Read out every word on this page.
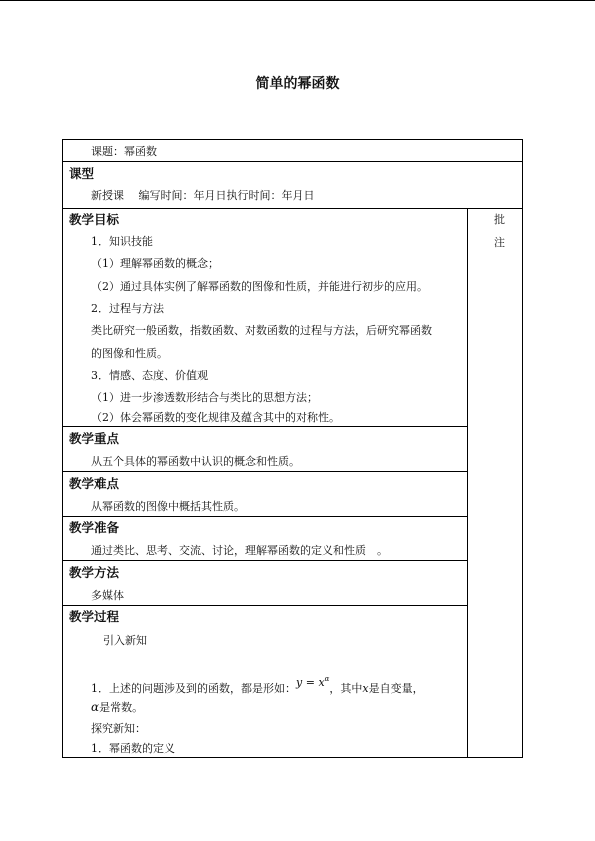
简单的幂函数
课题：幂函数
课型
新授课　 编写时间：年月日执行时间：年月日
批
注
教学目标
1．知识技能
（1）理解幂函数的概念；
（2）通过具体实例了解幂函数的图像和性质，并能进行初步的应用。
2．过程与方法
类比研究一般函数，指数函数、对数函数的过程与方法，后研究幂函数
的图像和性质。
3．情感、态度、价值观
（1）进一步渗透数形结合与类比的思想方法；
（2）体会幂函数的变化规律及蕴含其中的对称性。
教学重点
从五个具体的幂函数中认识的概念和性质。
教学难点
从幂函数的图像中概括其性质。
教学准备
通过类比、思考、交流、讨论，理解幂函数的定义和性质　。
教学方法
多媒体
教学过程
引入新知
1．上述的问题涉及到的函数，都是形如：$y = x^\alpha$，其中x是自变量，
α是常数。
探究新知：
1．幂函数的定义
